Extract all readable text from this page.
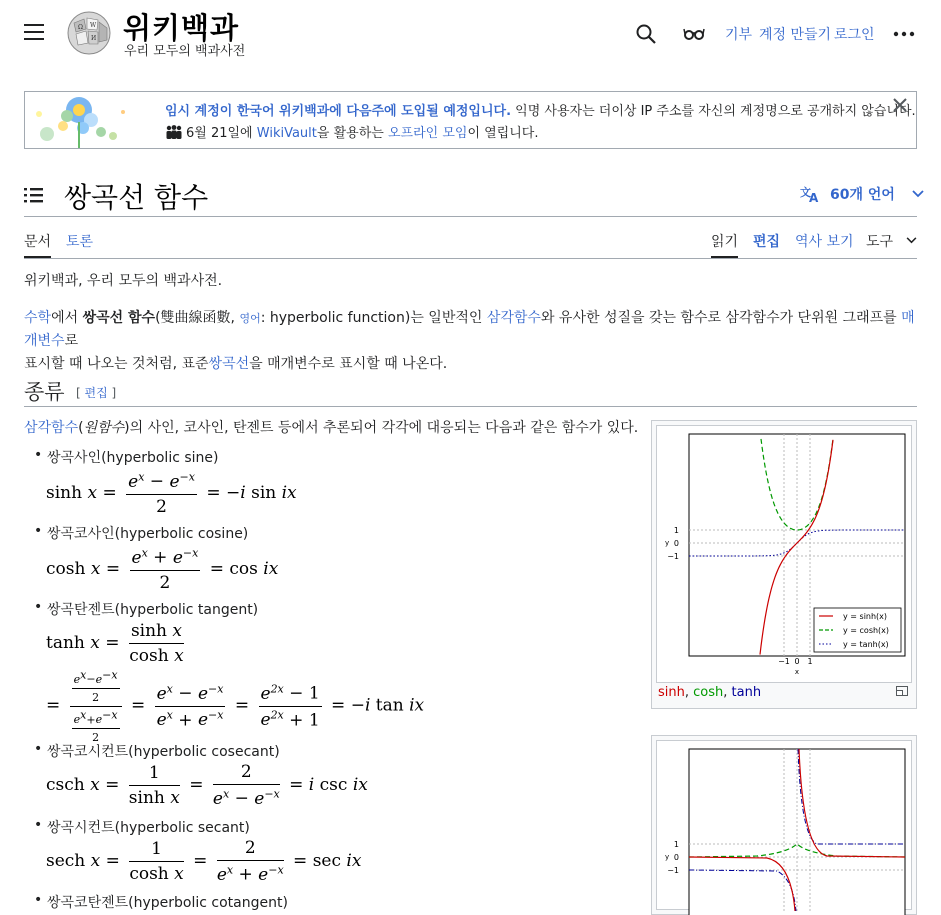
Ω W
И 위키백과
우리 모두의 백과사전
기부 계정 만들기 로그인
임시 계정이 한국어 위키백과에 다음주에 도입될 예정입니다. 익명 사용자는 더이상 IP 주소를 자신의 계정명으로 공개하지 않습니다.
6월 21일에 WikiVault을 활용하는 오프라인 모임이 열립니다.
쌍곡선 함수	文
A 60개 언어
문서 토론	읽기 편집 역사 보기 도구
위키백과, 우리 모두의 백과사전.
수학에서 쌍곡선 함수(雙曲線函數, 영어: hyperbolic function)는 일반적인 삼각함수와 유사한 성질을 갖는 함수로 삼각함수가 단위원 그래프를 매개변수로
표시할 때 나오는 것처럼, 표준쌍곡선을 매개변수로 표시할 때 나온다.
종류 [ 편집 ]
삼각함수(원함수)의 사인, 코사인, 탄젠트 등에서 추론되어 각각에 대응되는 다음과 같은 함수가 있다.
• 쌍곡사인(hyperbolic sine)
$\sinh x = \frac{e^x - e^{-x}}{2} = -i$ sin ix
• 쌍곡코사인(hyperbolic cosine)
$\cosh x = \frac{e^x + e^{-x}}{2} = \cos$ ix
• 쌍곡탄젠트(hyperbolic tangent)
$\tanh x = \frac{\text{sinh x}}{\text{cosh x}}$
= $\frac{\frac{e^x-e^{-x}}{2}}{\frac{e^x+e^{-x}}{2}} = \frac{e^x - e^{-x}}{e^x + e^{-x}} = \frac{e^{2x} - 1}{e^{2x} + 1} = -i$ tan ix
• 쌍곡코시컨트(hyperbolic cosecant)
csch $x = \frac{1}{\text{sinh x}} = \frac{2}{e^x - e^{-x}} = i$ csc ix
• 쌍곡시컨트(hyperbolic secant)
sech $x = \frac{1}{\text{cosh x}} = \frac{2}{e^x + e^{-x}} = \sec$ ix
• 쌍곡코탄젠트(hyperbolic cotangent)
1
0
−1
y
−1 0 1
x
y = sinh(x)
y = cosh(x)
y = tanh(x)
sinh, cosh, tanh
1
0
−1
y
